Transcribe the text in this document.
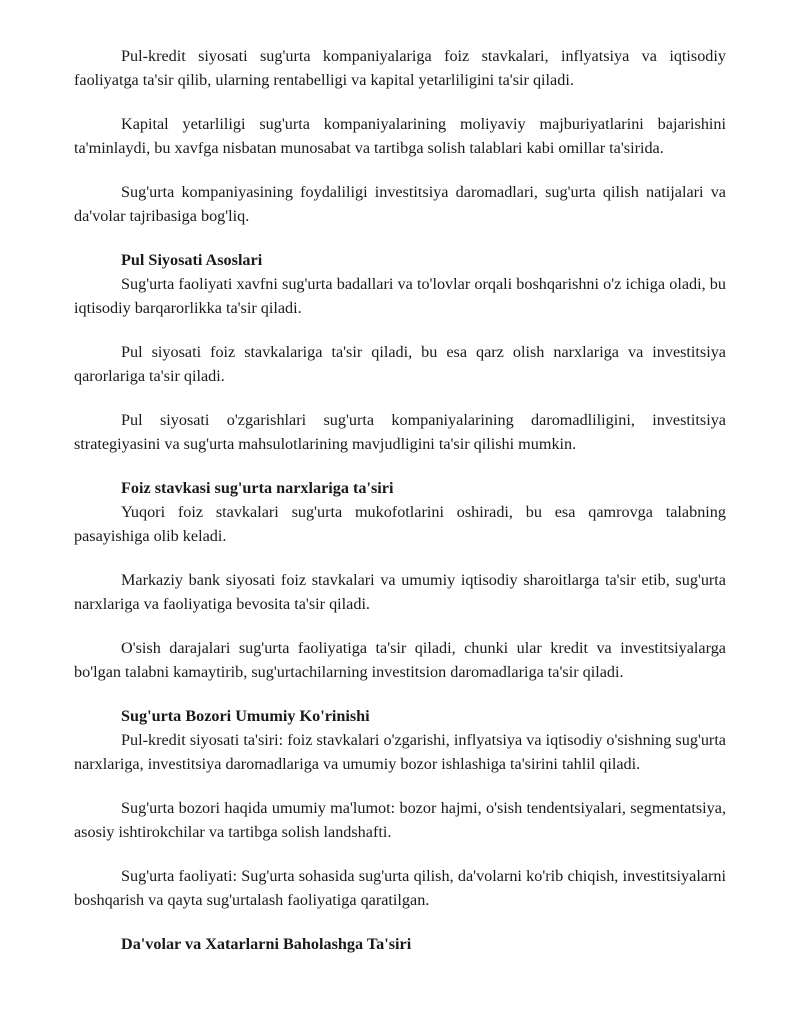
Pul-kredit siyosati sug'urta kompaniyalariga foiz stavkalari, inflyatsiya va iqtisodiy faoliyatga ta'sir qilib, ularning rentabelligi va kapital yetarliligini ta'sir qiladi.

Kapital yetarliligi sug'urta kompaniyalarining moliyaviy majburiyatlarini bajarishini ta'minlaydi, bu xavfga nisbatan munosabat va tartibga solish talablari kabi omillar ta'sirida.

Sug'urta kompaniyasining foydaliligi investitsiya daromadlari, sug'urta qilish natijalari va da'volar tajribasiga bog'liq.

Pul Siyosati Asoslari

Sug'urta faoliyati xavfni sug'urta badallari va to'lovlar orqali boshqarishni o'z ichiga oladi, bu iqtisodiy barqarorlikka ta'sir qiladi.

Pul siyosati foiz stavkalariga ta'sir qiladi, bu esa qarz olish narxlariga va investitsiya qarorlariga ta'sir qiladi.

Pul siyosati o'zgarishlari sug'urta kompaniyalarining daromadliligini, investitsiya strategiyasini va sug'urta mahsulotlarining mavjudligini ta'sir qilishi mumkin.

Foiz stavkasi sug'urta narxlariga ta'siri

Yuqori foiz stavkalari sug'urta mukofotlarini oshiradi, bu esa qamrovga talabning pasayishiga olib keladi.

Markaziy bank siyosati foiz stavkalari va umumiy iqtisodiy sharoitlarga ta'sir etib, sug'urta narxlariga va faoliyatiga bevosita ta'sir qiladi.

O'sish darajalari sug'urta faoliyatiga ta'sir qiladi, chunki ular kredit va investitsiyalarga bo'lgan talabni kamaytirib, sug'urtachilarning investitsion daromadlariga ta'sir qiladi.

Sug'urta Bozori Umumiy Ko'rinishi

Pul-kredit siyosati ta'siri: foiz stavkalari o'zgarishi, inflyatsiya va iqtisodiy o'sishning sug'urta narxlariga, investitsiya daromadlariga va umumiy bozor ishlashiga ta'sirini tahlil qiladi.

Sug'urta bozori haqida umumiy ma'lumot: bozor hajmi, o'sish tendentsiyalari, segmentatsiya, asosiy ishtirokchilar va tartibga solish landshafti.

Sug'urta faoliyati: Sug'urta sohasida sug'urta qilish, da'volarni ko'rib chiqish, investitsiyalarni boshqarish va qayta sug'urtalash faoliyatiga qaratilgan.

Da'volar va Xatarlarni Baholashga Ta'siri
